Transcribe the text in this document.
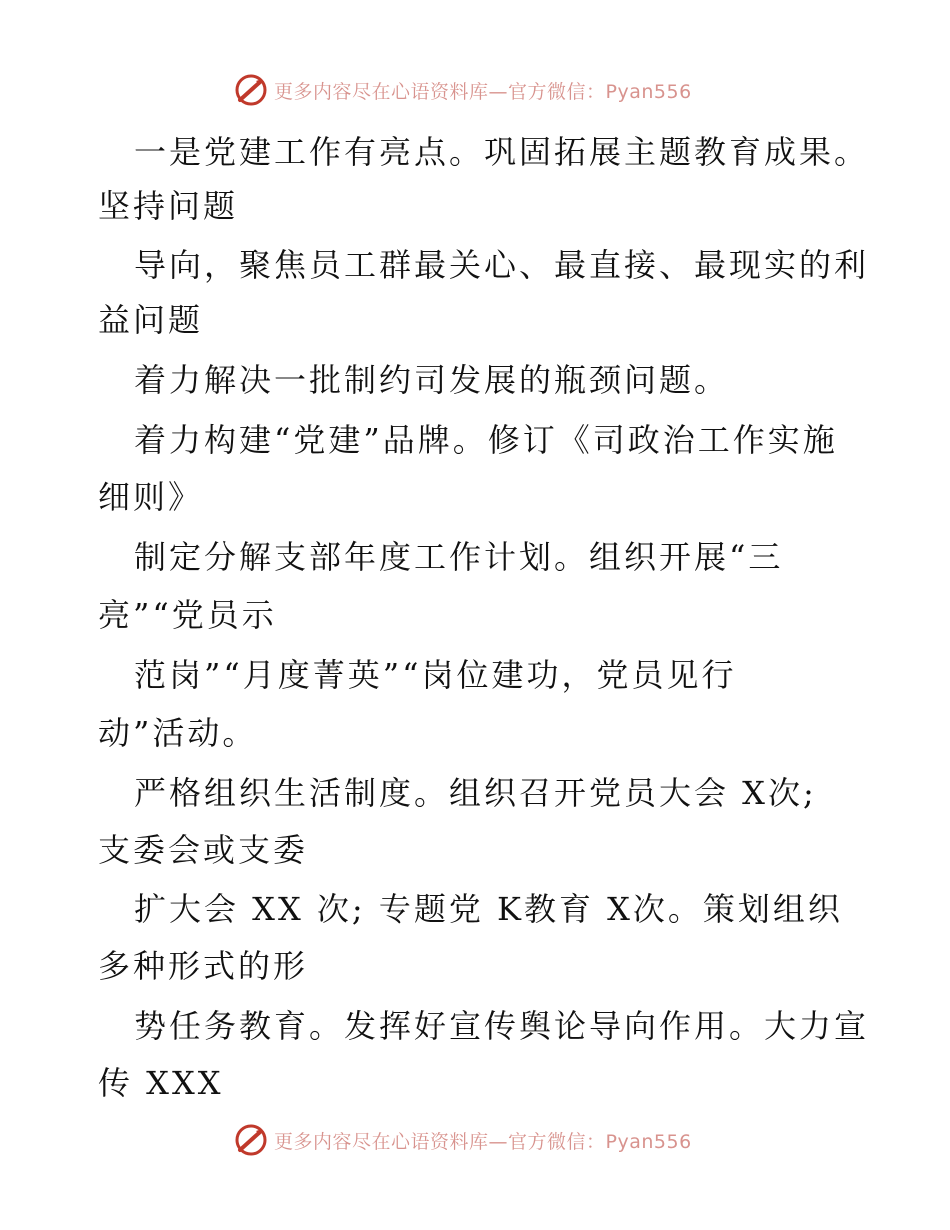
更多内容尽在心语资料库—官方微信：Pyan556
一是党建工作有亮点。巩固拓展主题教育成果。
坚持问题
导向，聚焦员工群最关心、最直接、最现实的利
益问题
着力解决一批制约司发展的瓶颈问题。
着力构建“党建”品牌。修订《司政治工作实施
细则》
制定分解支部年度工作计划。组织开展“三
亮”“党员示
范岗”“月度菁英”“岗位建功，党员见行
动”活动。
严格组织生活制度。组织召开党员大会 X次;
支委会或支委
扩大会 XX 次; 专题党 K教育 X次。策划组织
多种形式的形
势任务教育。发挥好宣传舆论导向作用。大力宣
传 XXX
更多内容尽在心语资料库—官方微信：Pyan556
